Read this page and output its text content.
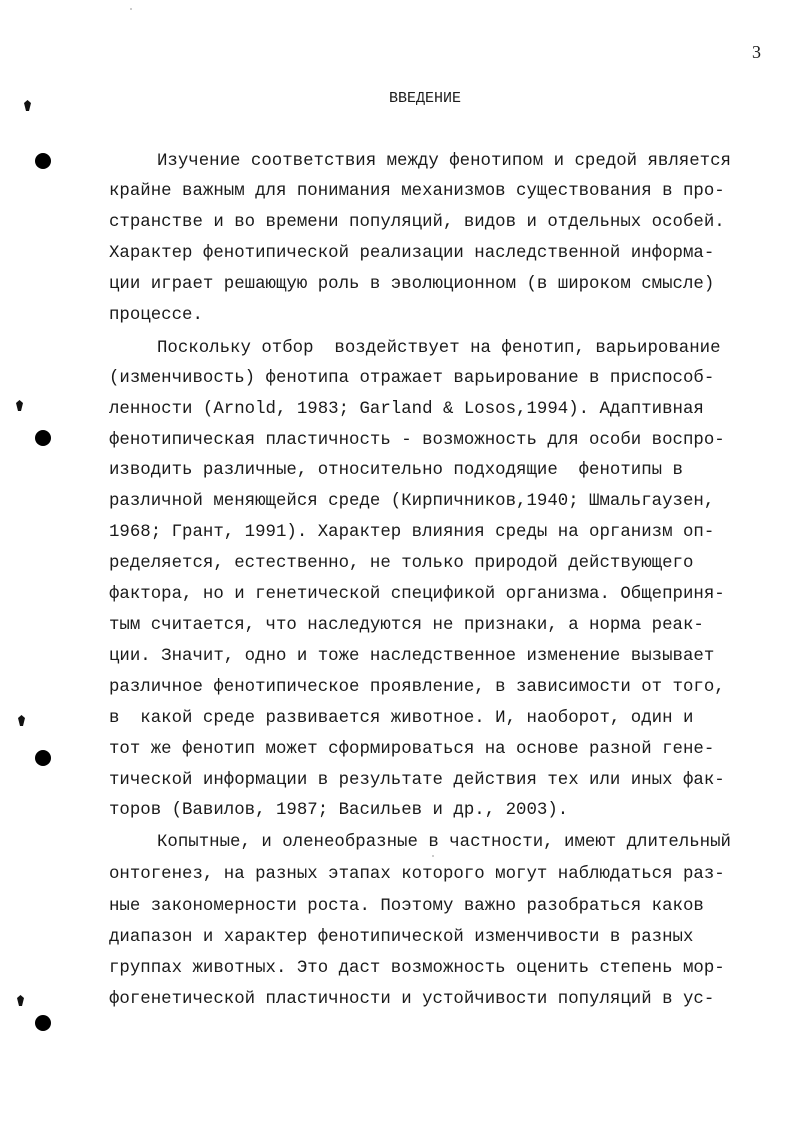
3
ВВЕДЕНИЕ
Изучение соответствия между фенотипом и средой является
крайне важным для понимания механизмов существования в про-
странстве и во времени популяций, видов и отдельных особей.
Характер фенотипической реализации наследственной информа-
ции играет решающую роль в эволюционном (в широком смысле)
процессе.
Поскольку отбор  воздействует на фенотип, варьирование
(изменчивость) фенотипа отражает варьирование в приспособ-
ленности (Arnold, 1983; Garland & Losos,1994). Адаптивная
фенотипическая пластичность - возможность для особи воспро-
изводить различные, относительно подходящие  фенотипы в
различной меняющейся среде (Кирпичников,1940; Шмальгаузен,
1968; Грант, 1991). Характер влияния среды на организм оп-
ределяется, естественно, не только природой действующего
фактора, но и генетической спецификой организма. Общеприня-
тым считается, что наследуются не признаки, а норма реак-
ции. Значит, одно и тоже наследственное изменение вызывает
различное фенотипическое проявление, в зависимости от того,
в  какой среде развивается животное. И, наоборот, один и
тот же фенотип может сформироваться на основе разной гене-
тической информации в результате действия тех или иных фак-
торов (Вавилов, 1987; Васильев и др., 2003).
Копытные, и оленеобразные в частности, имеют длительный
онтогенез, на разных этапах которого могут наблюдаться раз-
ные закономерности роста. Поэтому важно разобраться каков
диапазон и характер фенотипической изменчивости в разных
группах животных. Это даст возможность оценить степень мор-
фогенетической пластичности и устойчивости популяций в ус-
